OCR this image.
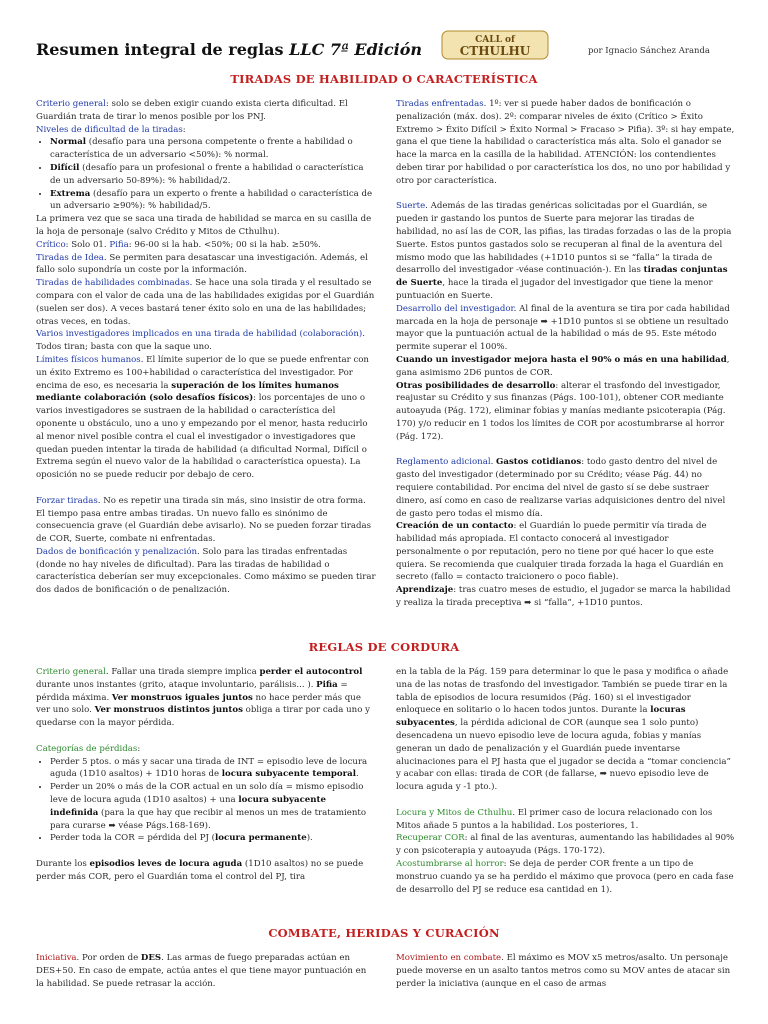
Resumen integral de reglas LLC 7ª Edición	CALL of
CTHULHU	por Ignacio Sánchez Aranda
TIRADAS DE HABILIDAD O CARACTERÍSTICA

Criterio general: solo se deben exigir cuando exista cierta dificultad. El Guardián trata de tirar lo menos posible por los PNJ.

Niveles de dificultad de la tiradas:

• Normal (desafío para una persona competente o frente a habilidad o característica de un adversario <50%): % normal.
• Difícil (desafío para un profesional o frente a habilidad o característica de un adversario 50-89%): % habilidad/2.
• Extrema (desafío para un experto o frente a habilidad o característica de un adversario ≥90%): % habilidad/5.

La primera vez que se saca una tirada de habilidad se marca en su casilla de la hoja de personaje (salvo Crédito y Mitos de Cthulhu).

Crítico: Solo 01. Pifia: 96-00 si la hab. <50%; 00 si la hab. ≥50%.

Tiradas de Idea. Se permiten para desatascar una investigación. Además, el fallo solo supondría un coste por la información.

Tiradas de habilidades combinadas. Se hace una sola tirada y el resultado se compara con el valor de cada una de las habilidades exigidas por el Guardián (suelen ser dos). A veces bastará tener éxito solo en una de las habilidades; otras veces, en todas.

Varios investigadores implicados en una tirada de habilidad (colaboración). Todos tiran; basta con que la saque uno.

Límites físicos humanos. El límite superior de lo que se puede enfrentar con un éxito Extremo es 100+habilidad o característica del investigador. Por encima de eso, es necesaria la superación de los límites humanos mediante colaboración (solo desafíos físicos): los porcentajes de uno o varios investigadores se sustraen de la habilidad o característica del oponente u obstáculo, uno a uno y empezando por el menor, hasta reducirlo al menor nivel posible contra el cual el investigador o investigadores que quedan pueden intentar la tirada de habilidad (a dificultad Normal, Difícil o Extrema según el nuevo valor de la habilidad o característica opuesta). La oposición no se puede reducir por debajo de cero.

Forzar tiradas. No es repetir una tirada sin más, sino insistir de otra forma. El tiempo pasa entre ambas tiradas. Un nuevo fallo es sinónimo de consecuencia grave (el Guardián debe avisarlo). No se pueden forzar tiradas de COR, Suerte, combate ni enfrentadas.

Dados de bonificación y penalización. Solo para las tiradas enfrentadas (donde no hay niveles de dificultad). Para las tiradas de habilidad o característica deberían ser muy excepcionales. Como máximo se pueden tirar dos dados de bonificación o de penalización.

Tiradas enfrentadas. 1º: ver si puede haber dados de bonificación o penalización (máx. dos). 2º: comparar niveles de éxito (Crítico > Éxito Extremo > Éxito Difícil > Éxito Normal > Fracaso > Pifia). 3º: si hay empate, gana el que tiene la habilidad o característica más alta. Solo el ganador se hace la marca en la casilla de la habilidad. ATENCIÓN: los contendientes deben tirar por habilidad o por característica los dos, no uno por habilidad y otro por característica.

Suerte. Además de las tiradas genéricas solicitadas por el Guardián, se pueden ir gastando los puntos de Suerte para mejorar las tiradas de habilidad, no así las de COR, las pifias, las tiradas forzadas o las de la propia Suerte. Estos puntos gastados solo se recuperan al final de la aventura del mismo modo que las habilidades (+1D10 puntos si se “falla” la tirada de desarrollo del investigador -véase continuación-). En las tiradas conjuntas de Suerte, hace la tirada el jugador del investigador que tiene la menor puntuación en Suerte.

Desarrollo del investigador. Al final de la aventura se tira por cada habilidad marcada en la hoja de personaje ➡ +1D10 puntos si se obtiene un resultado mayor que la puntuación actual de la habilidad o más de 95. Este método permite superar el 100%.

Cuando un investigador mejora hasta el 90% o más en una habilidad, gana asimismo 2D6 puntos de COR.

Otras posibilidades de desarrollo: alterar el trasfondo del investigador, reajustar su Crédito y sus finanzas (Págs. 100-101), obtener COR mediante autoayuda (Pág. 172), eliminar fobias y manías mediante psicoterapia (Pág. 170) y/o reducir en 1 todos los límites de COR por acostumbrarse al horror (Pág. 172).

Reglamento adicional. Gastos cotidianos: todo gasto dentro del nivel de gasto del investigador (determinado por su Crédito; véase Pág. 44) no requiere contabilidad. Por encima del nivel de gasto sí se debe sustraer dinero, así como en caso de realizarse varias adquisiciones dentro del nivel de gasto pero todas el mismo día.

Creación de un contacto: el Guardián lo puede permitir vía tirada de habilidad más apropiada. El contacto conocerá al investigador personalmente o por reputación, pero no tiene por qué hacer lo que este quiera. Se recomienda que cualquier tirada forzada la haga el Guardián en secreto (fallo = contacto traicionero o poco fiable).

Aprendizaje: tras cuatro meses de estudio, el jugador se marca la habilidad y realiza la tirada preceptiva ➡ si “falla”, +1D10 puntos.

REGLAS DE CORDURA

Criterio general. Fallar una tirada siempre implica perder el autocontrol durante unos instantes (grito, ataque involuntario, parálisis... ). Pifia = pérdida máxima. Ver monstruos iguales juntos no hace perder más que ver uno solo. Ver monstruos distintos juntos obliga a tirar por cada uno y quedarse con la mayor pérdida.

Categorías de pérdidas:

• Perder 5 ptos. o más y sacar una tirada de INT = episodio leve de locura aguda (1D10 asaltos) + 1D10 horas de locura subyacente temporal.
• Perder un 20% o más de la COR actual en un solo día = mismo episodio leve de locura aguda (1D10 asaltos) + una locura subyacente indefinida (para la que hay que recibir al menos un mes de tratamiento para curarse ➡ véase Págs.168-169).
• Perder toda la COR = pérdida del PJ (locura permanente).

Durante los episodios leves de locura aguda (1D10 asaltos) no se puede perder más COR, pero el Guardián toma el control del PJ, tira

en la tabla de la Pág. 159 para determinar lo que le pasa y modifica o añade una de las notas de trasfondo del investigador. También se puede tirar en la tabla de episodios de locura resumidos (Pág. 160) si el investigador enloquece en solitario o lo hacen todos juntos. Durante la locuras subyacentes, la pérdida adicional de COR (aunque sea 1 solo punto) desencadena un nuevo episodio leve de locura aguda, fobias y manías generan un dado de penalización y el Guardián puede inventarse alucinaciones para el PJ hasta que el jugador se decida a “tomar conciencia” y acabar con ellas: tirada de COR (de fallarse, ➡ nuevo episodio leve de locura aguda y -1 pto.).

Locura y Mitos de Cthulhu. El primer caso de locura relacionado con los Mitos añade 5 puntos a la habilidad. Los posteriores, 1.

Recuperar COR: al final de las aventuras, aumentando las habilidades al 90% y con psicoterapia y autoayuda (Págs. 170-172).

Acostumbrarse al horror: Se deja de perder COR frente a un tipo de monstruo cuando ya se ha perdido el máximo que provoca (pero en cada fase de desarrollo del PJ se reduce esa cantidad en 1).

COMBATE, HERIDAS Y CURACIÓN

Iniciativa. Por orden de DES. Las armas de fuego preparadas actúan en DES+50. En caso de empate, actúa antes el que tiene mayor puntuación en la habilidad. Se puede retrasar la acción.

Movimiento en combate. El máximo es MOV x5 metros/asalto. Un personaje puede moverse en un asalto tantos metros como su MOV antes de atacar sin perder la iniciativa (aunque en el caso de armas
